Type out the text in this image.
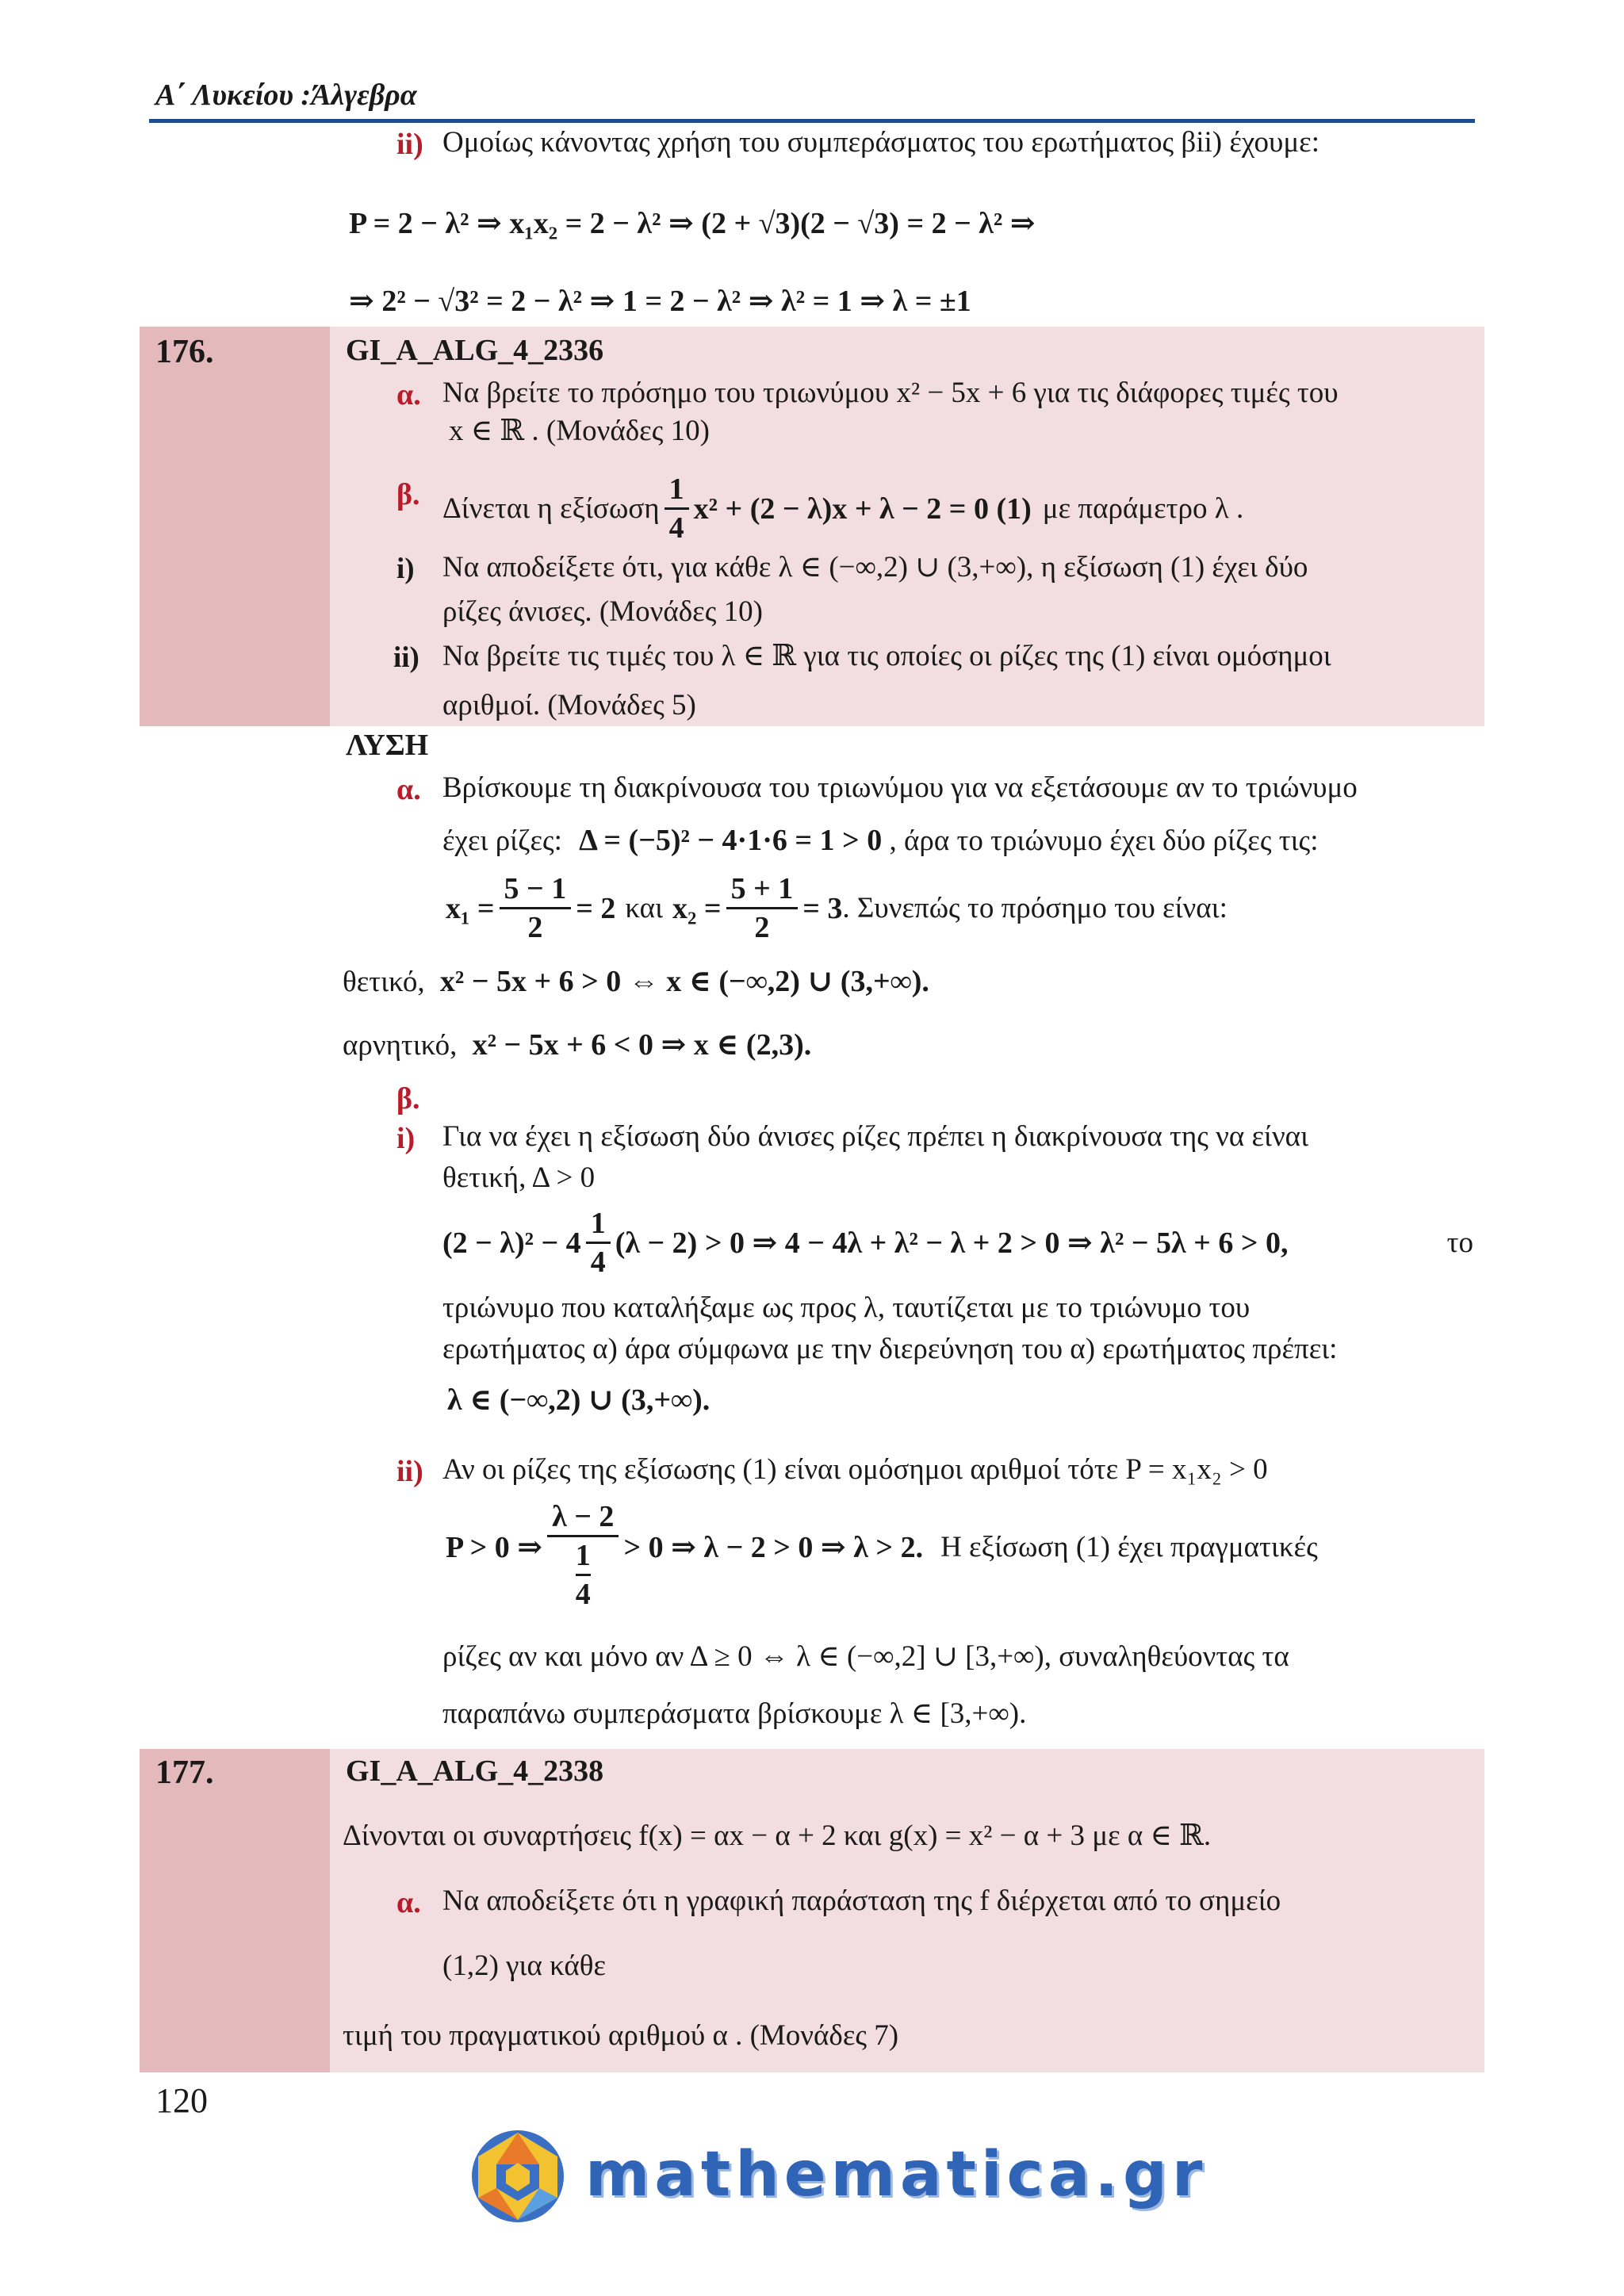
Α΄ Λυκείου :Άλγεβρα
ii) Ομοίως κάνοντας χρήση του συμπεράσματος του ερωτήματος βii) έχουμε:
P = 2 − λ² ⇒ x₁x₂ = 2 − λ² ⇒ (2 + √3)(2 − √3) = 2 − λ² ⇒
⇒ 2² − √3² = 2 − λ² ⇒ 1 = 2 − λ² ⇒ λ² = 1 ⇒ λ = ±1
176.	GI_A_ALG_4_2336
α. Να βρείτε το πρόσημο του τριωνύμου x² − 5x + 6 για τις διάφορες τιμές του
x ∈ ℝ . (Μονάδες 10)
β. Δίνεται η εξίσωση $\frac{1}{4} x^2 + (2 - \lambda)x + \lambda - 2 = 0$ (1) με παράμετρο λ .
i) Να αποδείξετε ότι, για κάθε λ ∈ (−∞,2) ∪ (3,+∞), η εξίσωση (1) έχει δύο
ρίζες άνισες. (Μονάδες 10)
ii) Να βρείτε τις τιμές του λ ∈ ℝ για τις οποίες οι ρίζες της (1) είναι ομόσημοι
αριθμοί. (Μονάδες 5)
ΛΥΣΗ
α. Βρίσκουμε τη διακρίνουσα του τριωνύμου για να εξετάσουμε αν το τριώνυμο
έχει ρίζες: Δ = (−5)² − 4·1·6 = 1 > 0 , άρα το τριώνυμο έχει δύο ρίζες τις:
$x_1 = \frac{5 - 1}{2} = 2$ και $x_2 = \frac{5 + 1}{2} = 3$ . Συνεπώς το πρόσημο του είναι:
θετικό, x² − 5x + 6 > 0 ⇔ x ∈ (−∞,2) ∪ (3,+∞).
αρνητικό, x² − 5x + 6 < 0 ⇒ x ∈ (2,3).
β.
i) Για να έχει η εξίσωση δύο άνισες ρίζες πρέπει η διακρίνουσα της να είναι
θετική, Δ > 0
$(2 - \lambda)^2 - 4 \frac{1}{4} (\lambda - 2) > 0$ ⇒ 4 − 4λ + λ² − λ + 2 > 0 ⇒ λ² − 5λ + 6 > 0,	το
τριώνυμο που καταλήξαμε ως προς λ, ταυτίζεται με το τριώνυμο του
ερωτήματος α) άρα σύμφωνα με την διερεύνηση του α) ερωτήματος πρέπει:
λ ∈ (−∞,2) ∪ (3,+∞).
ii) Αν οι ρίζες της εξίσωσης (1) είναι ομόσημοι αριθμοί τότε P = x₁x₂ > 0
P > 0 ⇒ $\frac{\lambda - 2}{\frac{1}{4}} > 0$ ⇒ λ − 2 > 0 ⇒ λ > 2. Η εξίσωση (1) έχει πραγματικές
ρίζες αν και μόνο αν Δ ≥ 0 ⇔ λ ∈ (−∞,2] ∪ [3,+∞), συναληθεύοντας τα
παραπάνω συμπεράσματα βρίσκουμε λ ∈ [3,+∞).
177.	GI_A_ALG_4_2338
Δίνονται οι συναρτήσεις f(x) = αx − α + 2 και g(x) = x² − α + 3 με α ∈ ℝ.
α. Να αποδείξετε ότι η γραφική παράσταση της f διέρχεται από το σημείο
(1,2) για κάθε
τιμή του πραγματικού αριθμού α . (Μονάδες 7)
120
mathematica.gr
